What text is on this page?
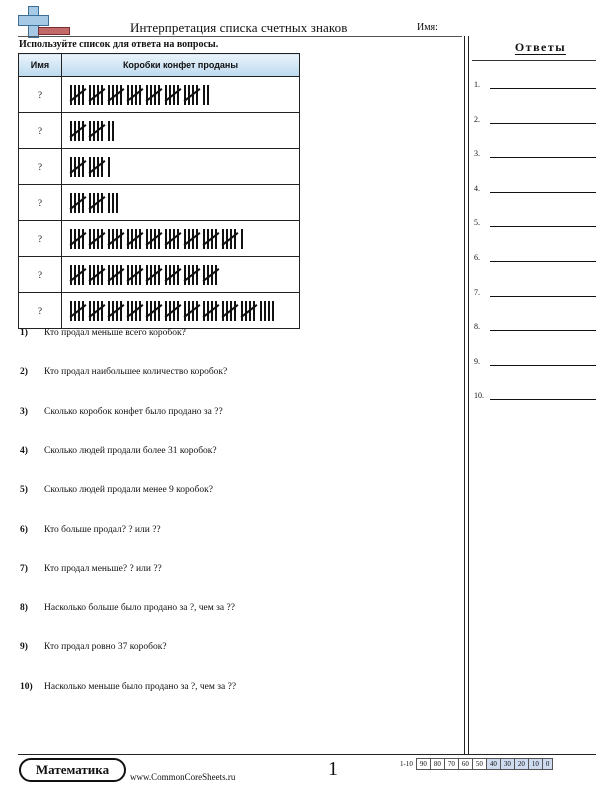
Интерпретация списка счетных знаков	Имя:
Используйте список для ответа на вопросы.
Имя	Коробки конфет проданы
?	

?	

?	

?	

?	

?	

?	
1) Кто продал меньше всего коробок?
2) Кто продал наибольшее количество коробок?
3) Сколько коробок конфет было продано за ??
4) Сколько людей продали более 31 коробок?
5) Сколько людей продали менее 9 коробок?
6) Кто больше продал? ? или ??
7) Кто продал меньше? ? или ??
8) Насколько больше было продано за ?, чем за ??
9) Кто продал ровно 37 коробок?
10) Насколько меньше было продано за ?, чем за ??
Ответы
1.
2.
3.
4.
5.
6.
7.
8.
9.
10.
Математика	www.CommonCoreSheets.ru	1	1-10	90	80	70	60	50	40	30	20	10	0
